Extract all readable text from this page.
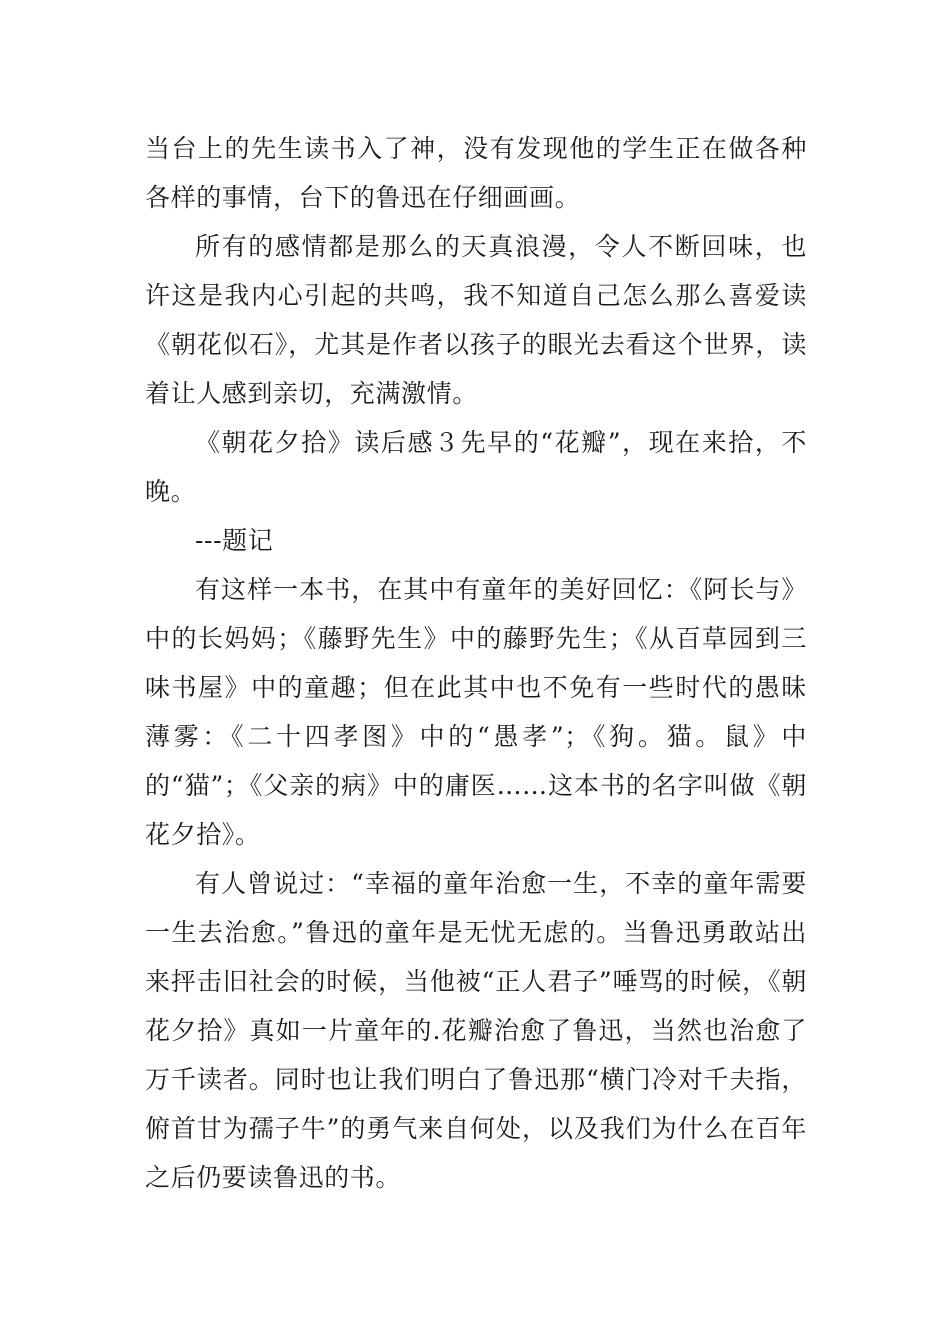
当台上的先生读书入了神，没有发现他的学生正在做各种各样的事情，台下的鲁迅在仔细画画。

所有的感情都是那么的天真浪漫，令人不断回味，也许这是我内心引起的共鸣，我不知道自己怎么那么喜爱读《朝花似石》，尤其是作者以孩子的眼光去看这个世界，读着让人感到亲切，充满激情。

《朝花夕拾》读后感３先早的“花瓣”，现在来拾，不晚。

---题记

有这样一本书，在其中有童年的美好回忆：《阿长与》中的长妈妈；《藤野先生》中的藤野先生；《从百草园到三味书屋》中的童趣；但在此其中也不免有一些时代的愚昧薄雾：《二十四孝图》中的“愚孝”；《狗。猫。鼠》中的“猫”；《父亲的病》中的庸医……这本书的名字叫做《朝花夕拾》。

有人曾说过：“幸福的童年治愈一生，不幸的童年需要一生去治愈。”鲁迅的童年是无忧无虑的。当鲁迅勇敢站出来抨击旧社会的时候，当他被“正人君子”唾骂的时候，《朝花夕拾》真如一片童年的.花瓣治愈了鲁迅，当然也治愈了万千读者。同时也让我们明白了鲁迅那“横门冷对千夫指，俯首甘为孺子牛”的勇气来自何处，以及我们为什么在百年之后仍要读鲁迅的书。
